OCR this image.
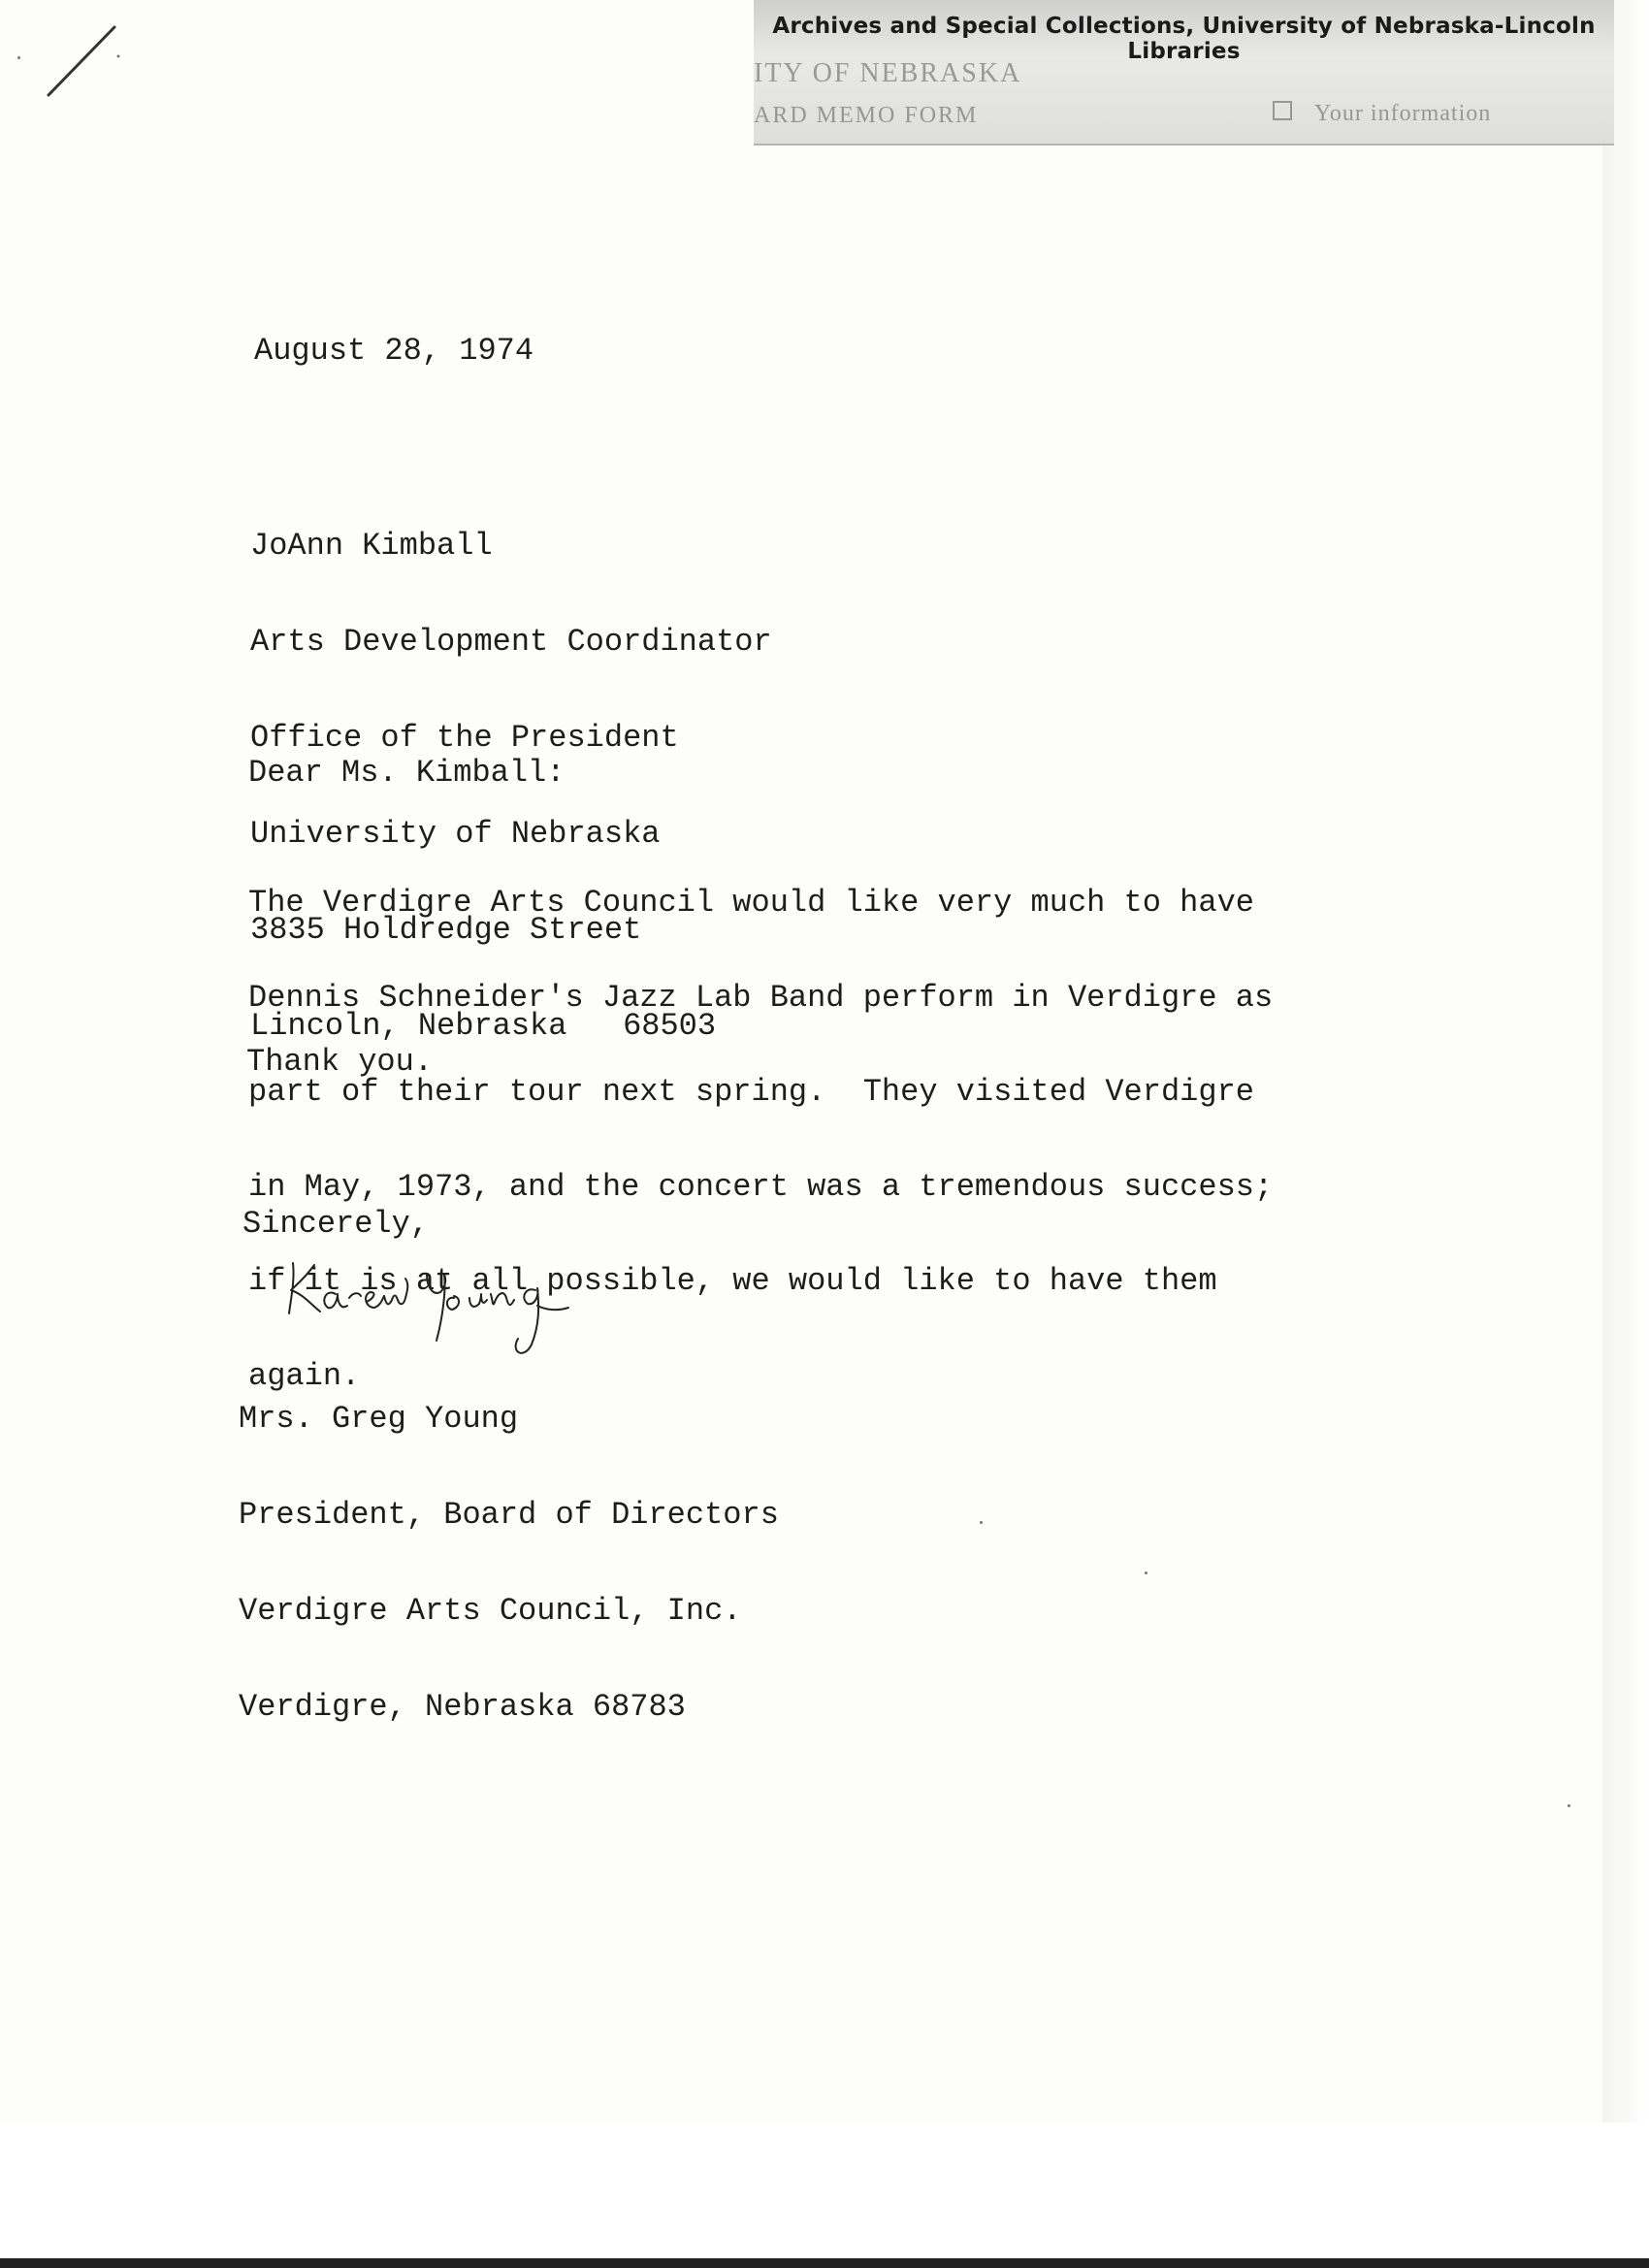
ITY OF NEBRASKA
ARD MEMO FORM	Your information
Archives and Special Collections, University of Nebraska-Lincoln Libraries

August 28, 1974

JoAnn Kimball

Arts Development Coordinator

Office of the President

University of Nebraska

3835 Holdredge Street

Lincoln, Nebraska   68503

Dear Ms. Kimball:

The Verdigre Arts Council would like very much to have

Dennis Schneider's Jazz Lab Band perform in Verdigre as

part of their tour next spring.  They visited Verdigre

in May, 1973, and the concert was a tremendous success;

if it is at all possible, we would like to have them

again.

Thank you.

Sincerely,

Mrs. Greg Young

President, Board of Directors

Verdigre Arts Council, Inc.

Verdigre, Nebraska 68783
